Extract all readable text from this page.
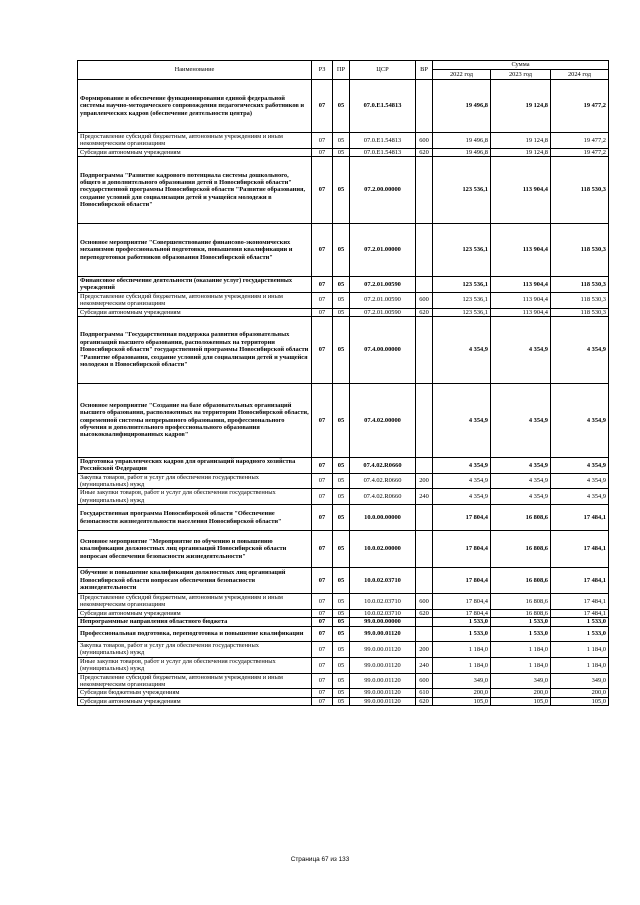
Наименование	РЗ	ПР	ЦСР	ВР	Сумма		
					2022 год	2023 год	2024 год
Формирование и обеспечение функционирования единой федеральной системы научно-методического сопровождения педагогических работников и управленческих кадров (обеспечение деятельности центра)	07	05	07.0.Е1.54813		19 496,8	19 124,8	19 477,2
Предоставление субсидий бюджетным, автономным учреждениям и иным некоммерческим организациям	07	05	07.0.Е1.54813	600	19 496,8	19 124,8	19 477,2
Субсидии автономным учреждениям	07	05	07.0.Е1.54813	620	19 496,8	19 124,8	19 477,2
Подпрограмма "Развитие кадрового потенциала системы дошкольного, общего и дополнительного образования детей в Новосибирской области" государственной программы Новосибирской области "Развитие образования, создание условий для социализации детей и учащейся молодежи в Новосибирской области"	07	05	07.2.00.00000		123 536,1	113 904,4	118 530,3
Основное мероприятие "Совершенствование финансово-экономических механизмов профессиональной подготовки, повышения квалификации и переподготовки работников образования Новосибирской области"	07	05	07.2.01.00000		123 536,1	113 904,4	118 530,3
Финансовое обеспечение деятельности (оказание услуг) государственных учреждений	07	05	07.2.01.00590		123 536,1	113 904,4	118 530,3
Предоставление субсидий бюджетным, автономным учреждениям и иным некоммерческим организациям	07	05	07.2.01.00590	600	123 536,1	113 904,4	118 530,3
Субсидии автономным учреждениям	07	05	07.2.01.00590	620	123 536,1	113 904,4	118 530,3
Подпрограмма "Государственная поддержка развития образовательных организаций высшего образования, расположенных на территории Новосибирской области" государственной программы Новосибирской области "Развитие образования, создание условий для социализации детей и учащейся молодежи в Новосибирской области"	07	05	07.4.00.00000		4 354,9	4 354,9	4 354,9
Основное мероприятие "Создание на базе образовательных организаций высшего образования, расположенных на территории Новосибирской области, современной системы непрерывного образования, профессионального обучения и дополнительного профессионального образования высококвалифицированных кадров"	07	05	07.4.02.00000		4 354,9	4 354,9	4 354,9
Подготовка управленческих кадров для организаций народного хозяйства Российской Федерации	07	05	07.4.02.R0660		4 354,9	4 354,9	4 354,9
Закупка товаров, работ и услуг для обеспечения государственных (муниципальных) нужд	07	05	07.4.02.R0660	200	4 354,9	4 354,9	4 354,9
Иные закупки товаров, работ и услуг для обеспечения государственных (муниципальных) нужд	07	05	07.4.02.R0660	240	4 354,9	4 354,9	4 354,9
Государственная программа Новосибирской области "Обеспечение безопасности жизнедеятельности населения Новосибирской области"	07	05	10.0.00.00000		17 804,4	16 808,6	17 484,1
Основное мероприятие "Мероприятие по обучению и повышению квалификации должностных лиц организаций Новосибирской области вопросам обеспечения безопасности жизнедеятельности"	07	05	10.0.02.00000		17 804,4	16 808,6	17 484,1
Обучение и повышение квалификации должностных лиц организаций Новосибирской области вопросам обеспечения безопасности жизнедеятельности	07	05	10.0.02.03710		17 804,4	16 808,6	17 484,1
Предоставление субсидий бюджетным, автономным учреждениям и иным некоммерческим организациям	07	05	10.0.02.03710	600	17 804,4	16 808,6	17 484,1
Субсидии автономным учреждениям	07	05	10.0.02.03710	620	17 804,4	16 808,6	17 484,1
Непрограммные направления областного бюджета	07	05	99.0.00.00000		1 533,0	1 533,0	1 533,0
Профессиональная подготовка, переподготовка и повышение квалификации	07	05	99.0.00.01120		1 533,0	1 533,0	1 533,0
Закупка товаров, работ и услуг для обеспечения государственных (муниципальных) нужд	07	05	99.0.00.01120	200	1 184,0	1 184,0	1 184,0
Иные закупки товаров, работ и услуг для обеспечения государственных (муниципальных) нужд	07	05	99.0.00.01120	240	1 184,0	1 184,0	1 184,0
Предоставление субсидий бюджетным, автономным учреждениям и иным некоммерческим организациям	07	05	99.0.00.01120	600	349,0	349,0	349,0
Субсидии бюджетным учреждениям	07	05	99.0.00.01120	610	200,0	200,0	200,0
Субсидии автономным учреждениям	07	05	99.0.00.01120	620	105,0	105,0	105,0
Страница 67 из 133
